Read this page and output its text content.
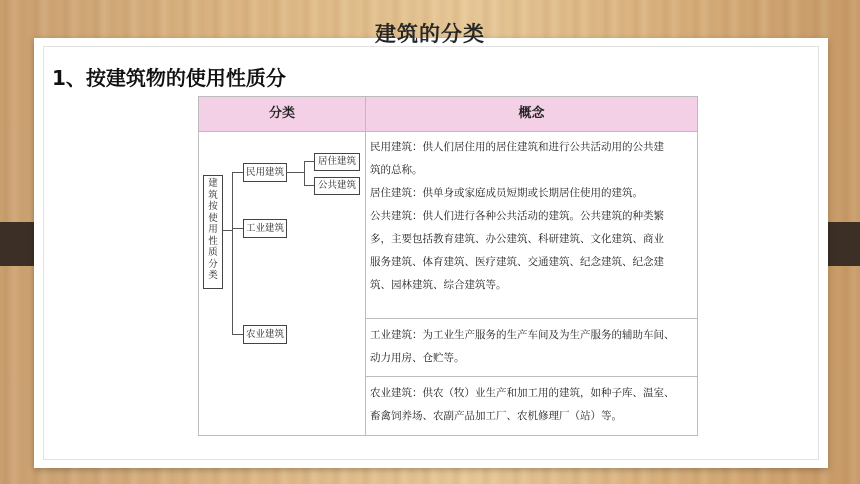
建筑的分类
1、按建筑物的使用性质分
分类	概念
建
筑
按
使
用
性
质
分
类
民用建筑
工业建筑
农业建筑
居住建筑
公共建筑

民用建筑：供人们居住用的居住建筑和进行公共活动用的公共建

筑的总称。

居住建筑：供单身或家庭成员短期或长期居住使用的建筑。

公共建筑：供人们进行各种公共活动的建筑。公共建筑的种类繁

多，主要包括教育建筑、办公建筑、科研建筑、文化建筑、商业

服务建筑、体育建筑、医疗建筑、交通建筑、纪念建筑、纪念建

筑、园林建筑、综合建筑等。

工业建筑：为工业生产服务的生产车间及为生产服务的辅助车间、

动力用房、仓贮等。

农业建筑：供农（牧）业生产和加工用的建筑，如种子库、温室、

畜禽饲养场、农副产品加工厂、农机修理厂（站）等。
